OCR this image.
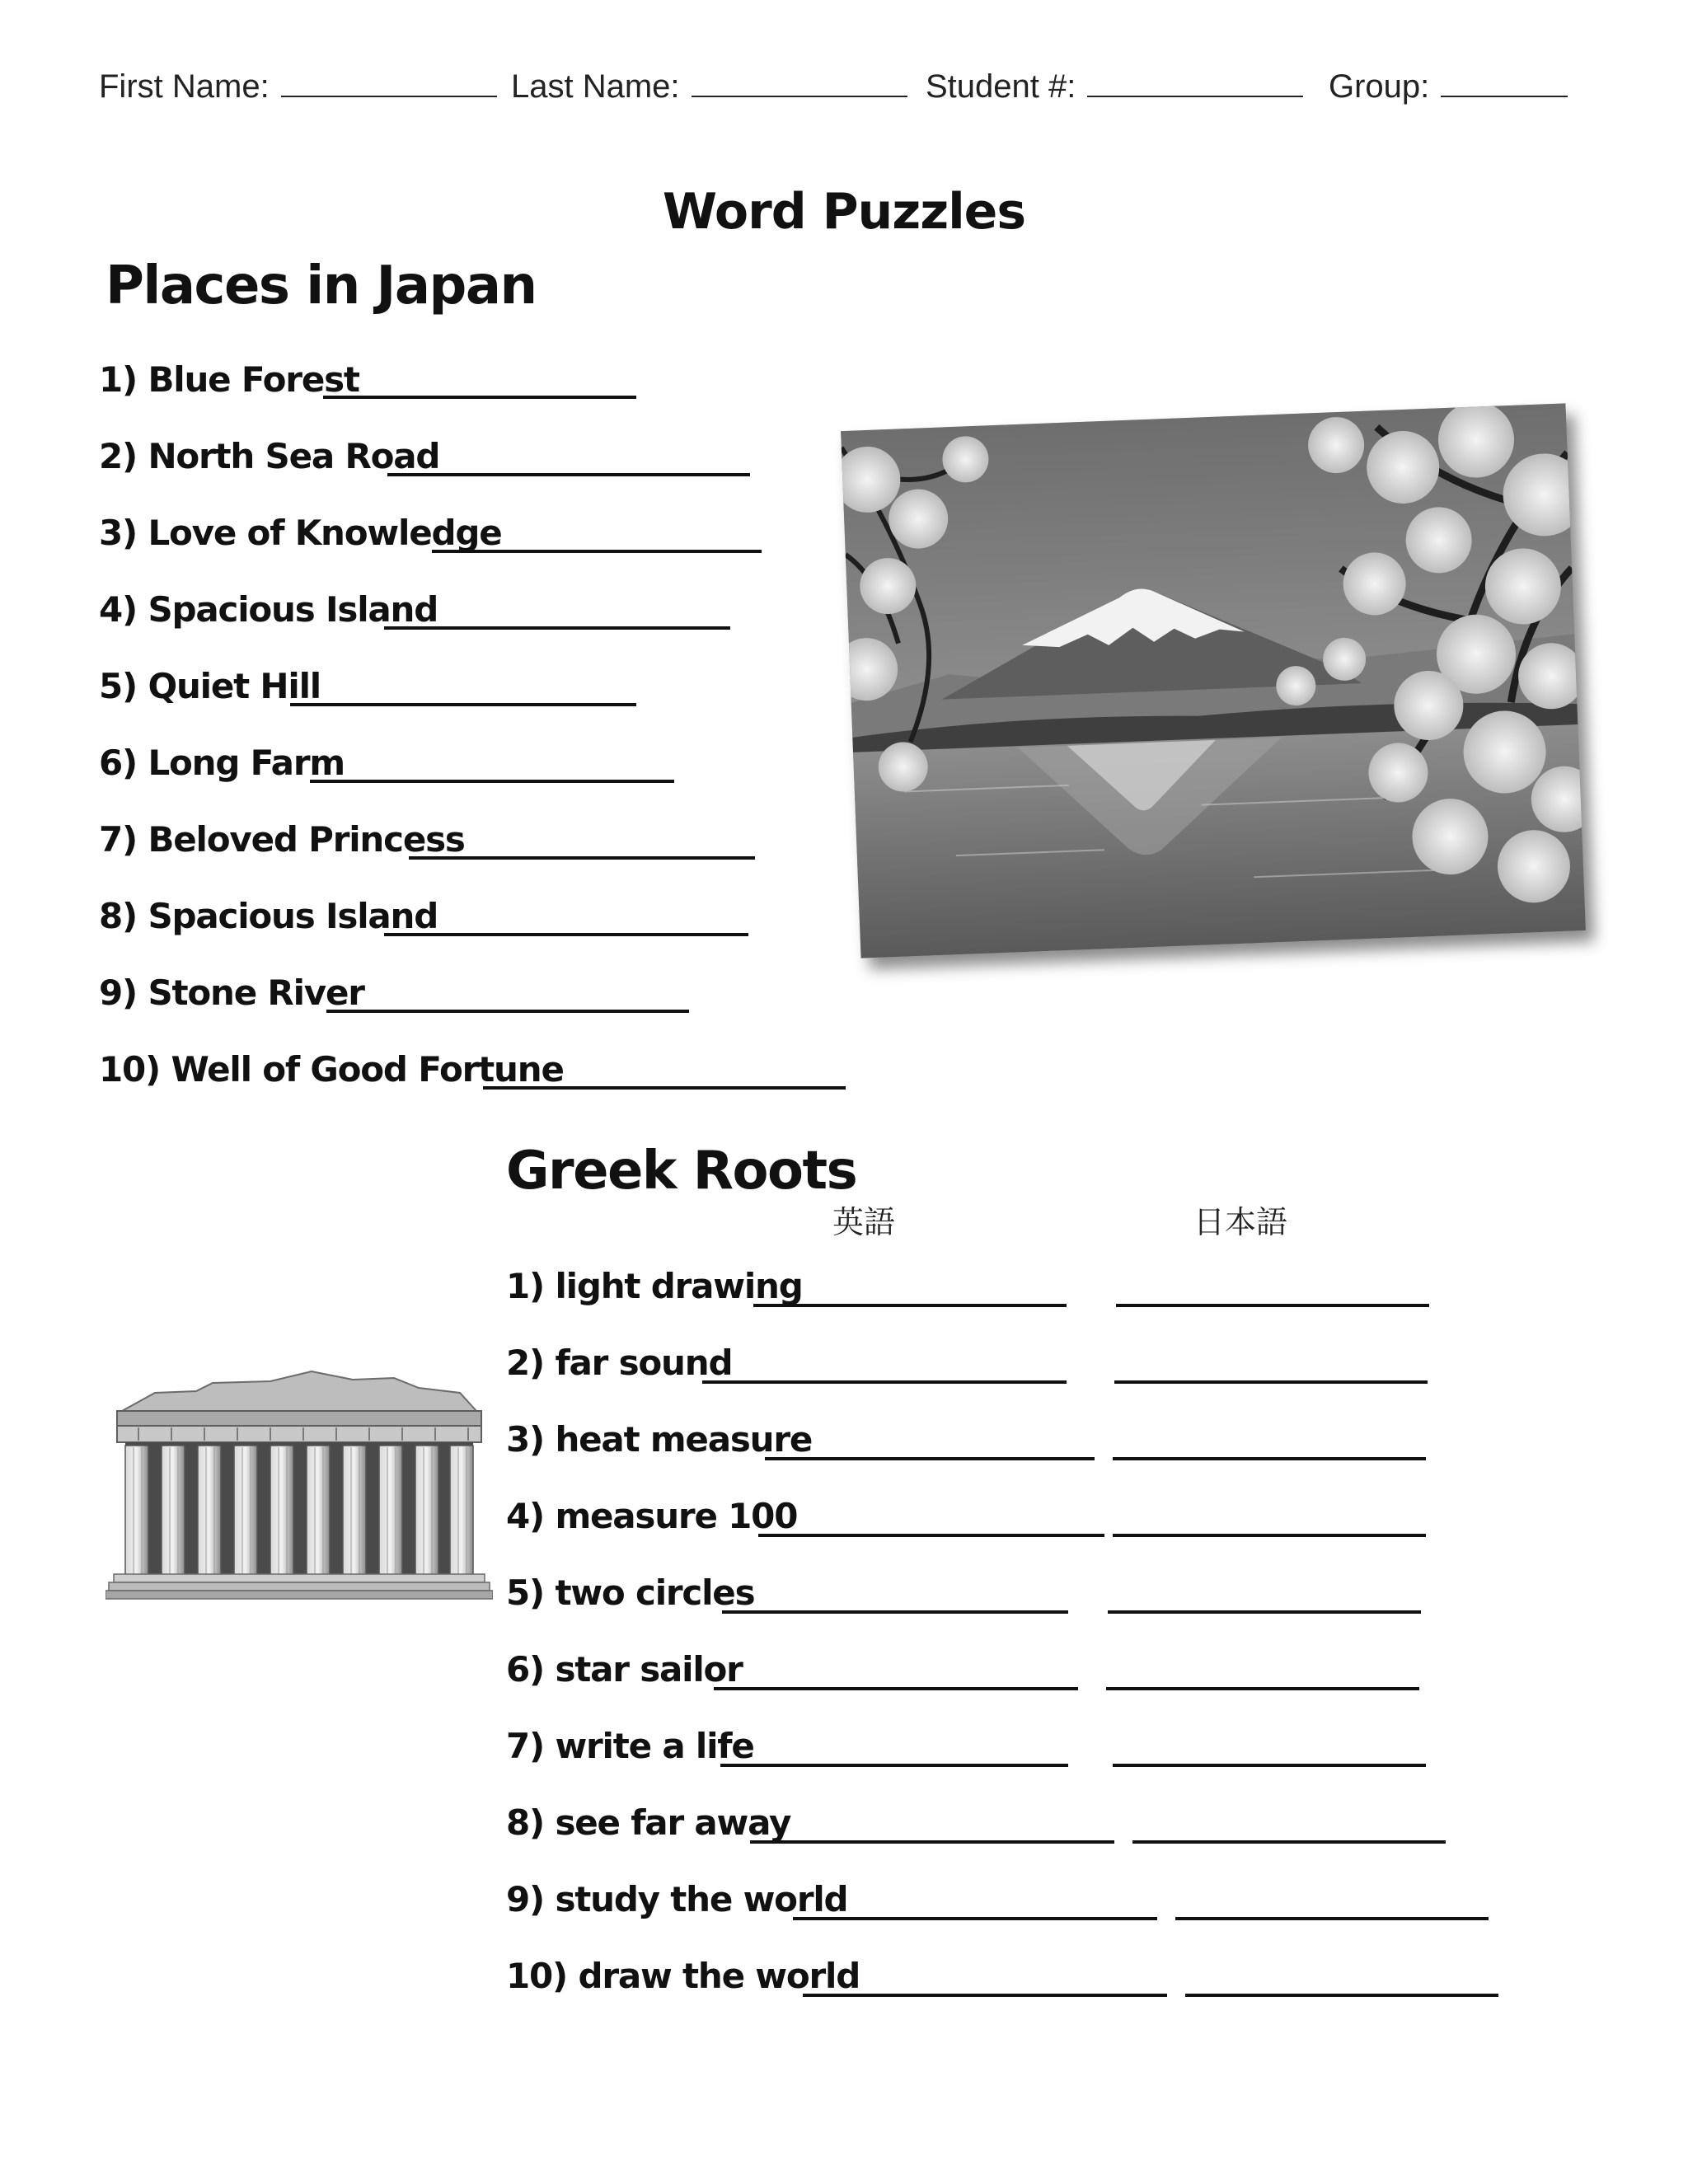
First Name:	Last Name:	Student #:	Group:
Word Puzzles
Places in Japan
1) Blue Forest
2) North Sea Road
3) Love of Knowledge
4) Spacious Island
5) Quiet Hill
6) Long Farm
7) Beloved Princess
8) Spacious Island
9) Stone River
10) Well of Good Fortune
Greek Roots
英語	日本語
1) light drawing
2) far sound
3) heat measure
4) measure 100
5) two circles
6) star sailor
7) write a life
8) see far away
9) study the world
10) draw the world
